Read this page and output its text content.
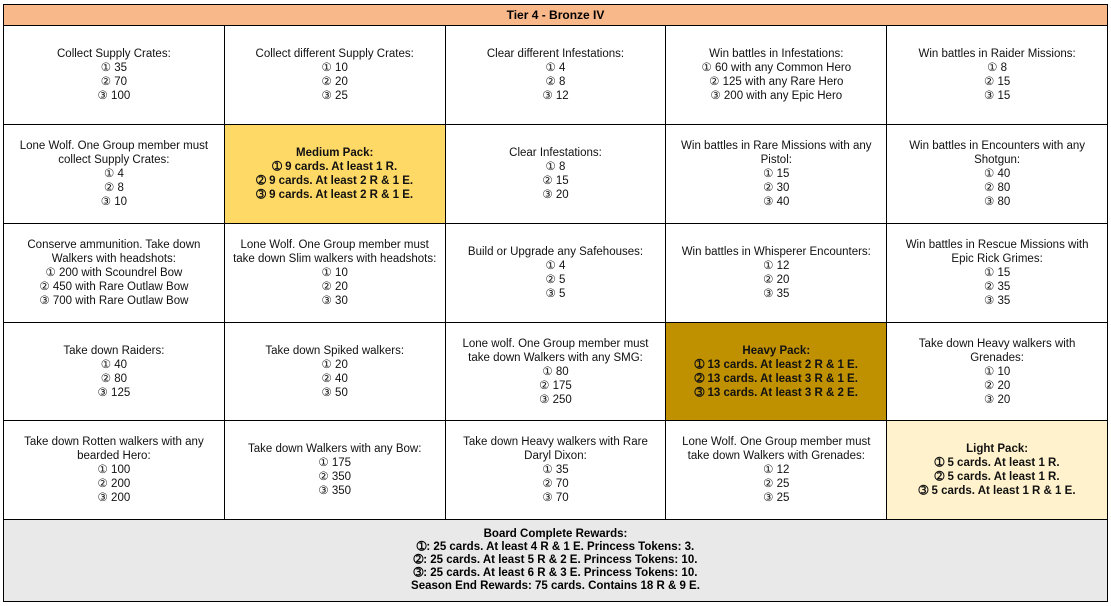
Tier 4 - Bronze IV				

Collect Supply Crates:
① 35
② 70
③ 100	Collect different Supply Crates:
① 10
② 20
③ 25	Clear different Infestations:
① 4
② 8
③ 12	Win battles in Infestations:
① 60 with any Common Hero
② 125 with any Rare Hero
③ 200 with any Epic Hero	Win battles in Raider Missions:
① 8
② 15
③ 15

Lone Wolf. One Group member must
collect Supply Crates:
① 4
② 8
③ 10	Medium Pack:
➀ 9 cards. At least 1 R.
➁ 9 cards. At least 2 R & 1 E.
➂ 9 cards. At least 2 R & 1 E.	Clear Infestations:
① 8
② 15
③ 20	Win battles in Rare Missions with any
Pistol:
① 15
② 30
③ 40	Win battles in Encounters with any
Shotgun:
① 40
② 80
③ 80

Conserve ammunition. Take down
Walkers with headshots:
① 200 with Scoundrel Bow
② 450 with Rare Outlaw Bow
③ 700 with Rare Outlaw Bow	Lone Wolf. One Group member must
take down Slim walkers with headshots:
① 10
② 20
③ 30	Build or Upgrade any Safehouses:
① 4
② 5
③ 5	Win battles in Whisperer Encounters:
① 12
② 20
③ 35	Win battles in Rescue Missions with
Epic Rick Grimes:
① 15
② 35
③ 35

Take down Raiders:
① 40
② 80
③ 125	Take down Spiked walkers:
① 20
② 40
③ 50	Lone wolf. One Group member must
take down Walkers with any SMG:
① 80
② 175
③ 250	Heavy Pack:
➀ 13 cards. At least 2 R & 1 E.
➁ 13 cards. At least 3 R & 1 E.
➂ 13 cards. At least 3 R & 2 E.	Take down Heavy walkers with
Grenades:
① 10
② 20
③ 20

Take down Rotten walkers with any
bearded Hero:
① 100
② 200
③ 200	Take down Walkers with any Bow:
① 175
② 350
③ 350	Take down Heavy walkers with Rare
Daryl Dixon:
① 35
② 70
③ 70	Lone Wolf. One Group member must
take down Walkers with Grenades:
① 12
② 25
③ 25	Light Pack:
➀ 5 cards. At least 1 R.
➁ 5 cards. At least 1 R.
➂ 5 cards. At least 1 R & 1 E.

Board Complete Rewards:
➀: 25 cards. At least 4 R & 1 E. Princess Tokens: 3.
➁: 25 cards. At least 5 R & 2 E. Princess Tokens: 10.
➂: 25 cards. At least 6 R & 3 E. Princess Tokens: 10.
Season End Rewards: 75 cards. Contains 18 R & 9 E.				
